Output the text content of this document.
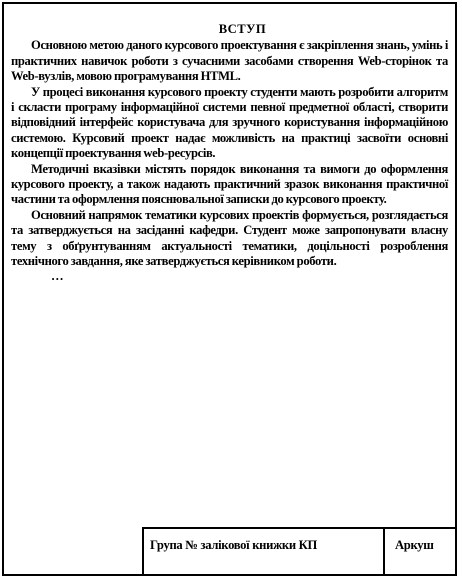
ВСТУП

Основною метою даного курсового проектування є закріплення знань, умінь і практичних навичок роботи з сучасними засобами створення Web-сторінок та Web-вузлів, мовою програмування HTML.

У процесі виконання курсового проекту студенти мають розробити алгоритм і скласти програму інформаційної системи певної предметної області, створити відповідний інтерфейс користувача для зручного користування інформаційною системою. Курсовий проект надає можливість на практиці засвоїти основні концепції проектування web-ресурсів.

Методичні вказівки містять порядок виконання та вимоги до оформлення курсового проекту, а також надають практичний зразок виконання практичної частини та оформлення пояснювальної записки до курсового проекту.

Основний напрямок тематики курсових проектів формується, розглядається та затверджується на засіданні кафедри. Студент може запропонувати власну тему з обґрунтуванням актуальності тематики, доцільності розроблення технічного завдання, яке затверджується керівником роботи.

…

Група № залікової книжки КП	Аркуш
